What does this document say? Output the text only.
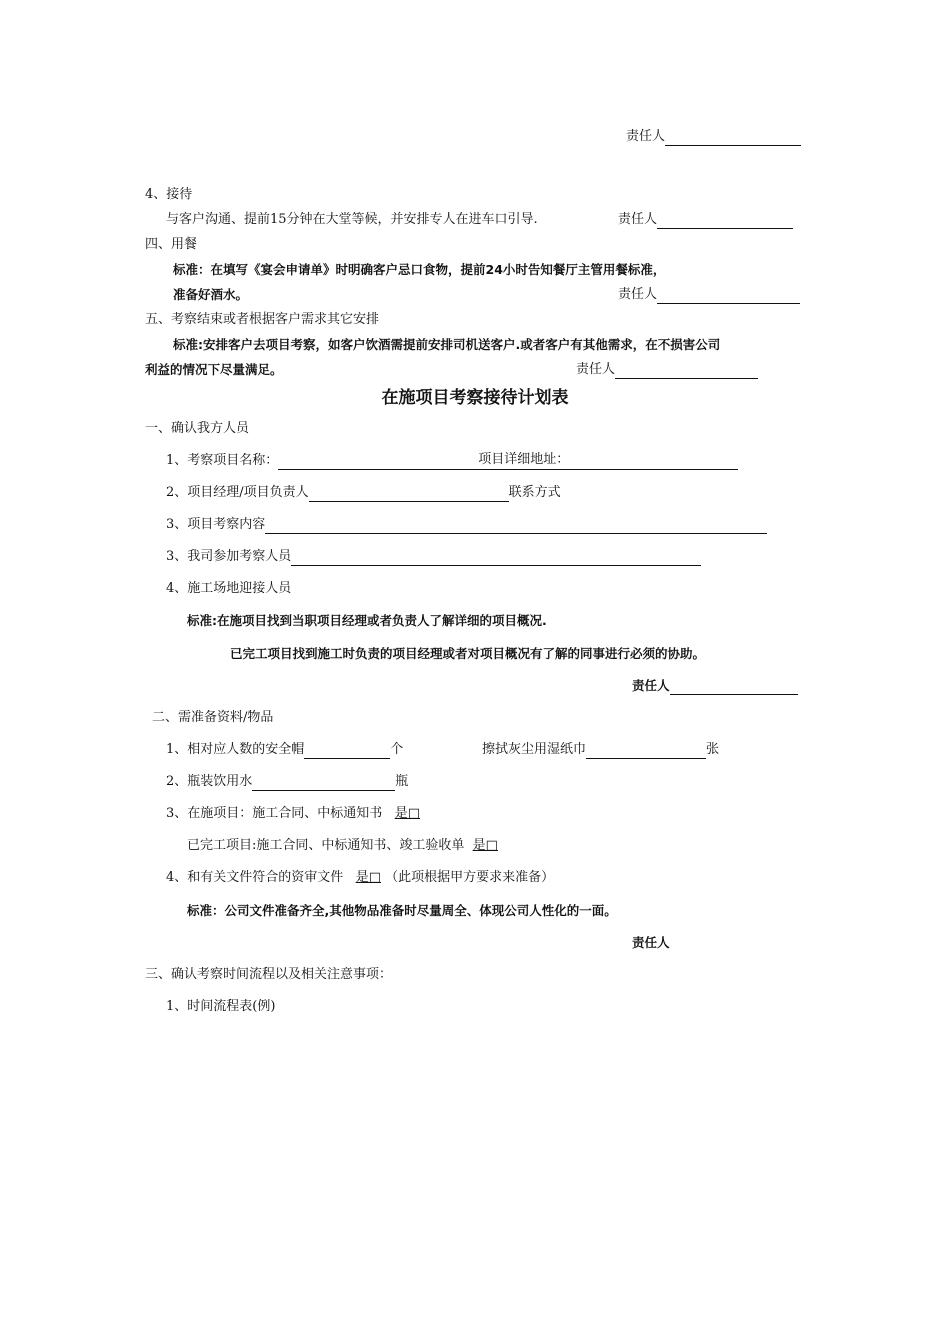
责任人
4、接待
与客户沟通、提前15分钟在大堂等候，并安排专人在进车口引导.	责任人
四、用餐
标准：在填写《宴会申请单》时明确客户忌口食物，提前24小时告知餐厅主管用餐标准，
准备好酒水。	责任人
五、考察结束或者根据客户需求其它安排
标准:安排客户去项目考察，如客户饮酒需提前安排司机送客户.或者客户有其他需求，在不损害公司
利益的情况下尽量满足。	责任人
在施项目考察接待计划表
一、确认我方人员
1、考察项目名称：	项目详细地址：
2、项目经理/项目负责人	联系方式
3、项目考察内容
3、我司参加考察人员
4、施工场地迎接人员
标准:在施项目找到当职项目经理或者负责人了解详细的项目概况.
已完工项目找到施工时负责的项目经理或者对项目概况有了解的同事进行必须的协助。
责任人
二、需准备资料/物品
1、相对应人数的安全帽	个	擦拭灰尘用湿纸巾	张
2、瓶装饮用水	瓶
3、在施项目：施工合同、中标通知书 是□
已完工项目:施工合同、中标通知书、竣工验收单 是□
4、和有关文件符合的资审文件 是□ （此项根据甲方要求来准备）
标准：公司文件准备齐全,其他物品准备时尽量周全、体现公司人性化的一面。
责任人
三、确认考察时间流程以及相关注意事项：
1、时间流程表(例)
